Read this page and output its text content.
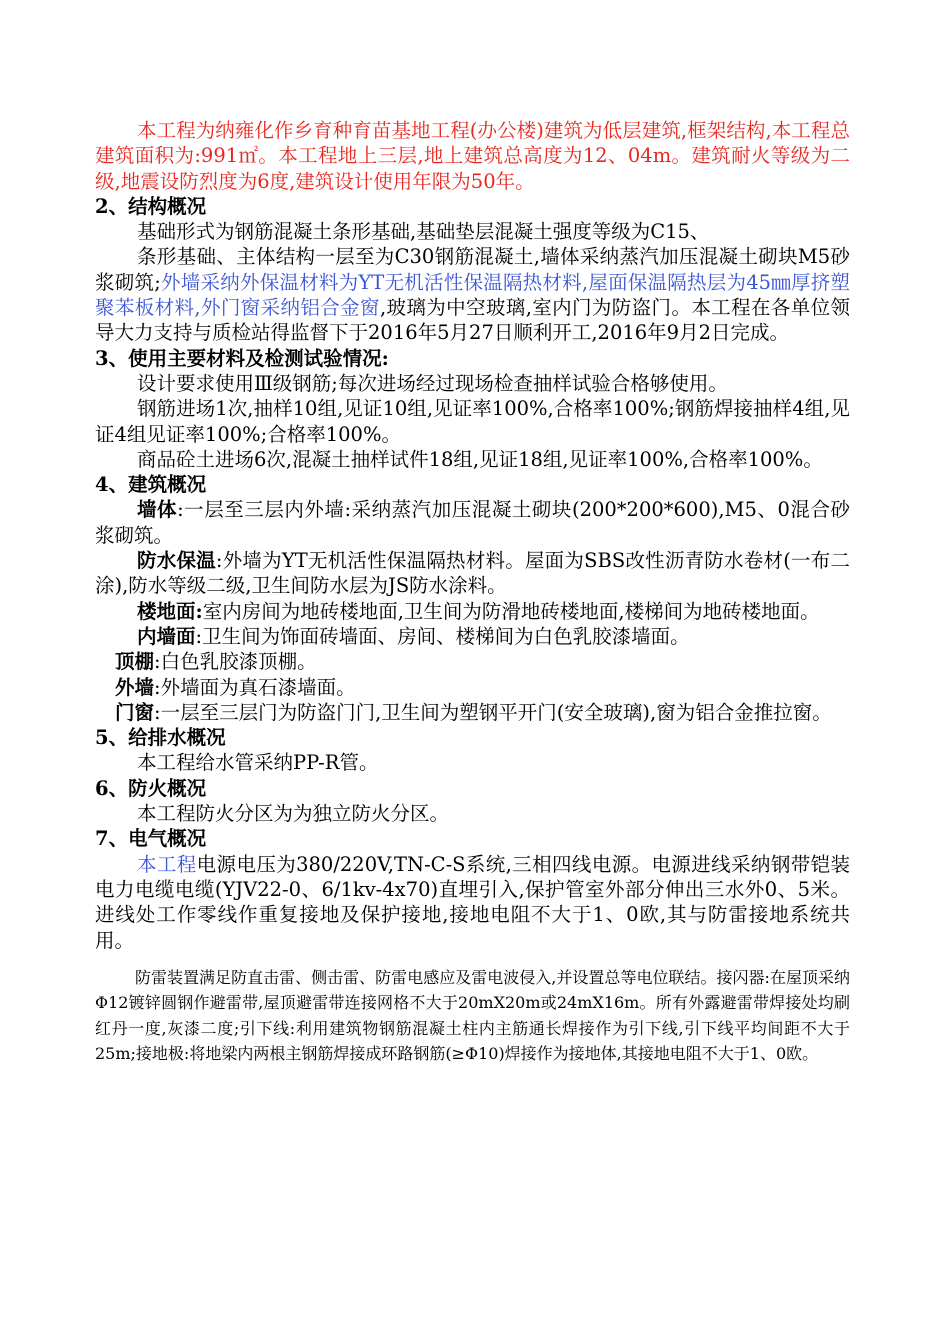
本工程为纳雍化作乡育种育苗基地工程(办公楼)建筑为低层建筑,框架结构,本工程总建筑面积为:991㎡。本工程地上三层,地上建筑总高度为12、04m。建筑耐火等级为二级,地震设防烈度为6度,建筑设计使用年限为50年。

2、结构概况

基础形式为钢筋混凝土条形基础,基础垫层混凝土强度等级为C15、

条形基础、主体结构一层至为C30钢筋混凝土,墙体采纳蒸汽加压混凝土砌块M5砂浆砌筑;外墙采纳外保温材料为YT无机活性保温隔热材料,屋面保温隔热层为45㎜厚挤塑聚苯板材料,外门窗采纳铝合金窗,玻璃为中空玻璃,室内门为防盗门。本工程在各单位领导大力支持与质检站得监督下于2016年5月27日顺利开工,2016年9月2日完成。

3、使用主要材料及检测试验情况:

设计要求使用Ⅲ级钢筋;每次进场经过现场检查抽样试验合格够使用。

钢筋进场1次,抽样10组,见证10组,见证率100%,合格率100%;钢筋焊接抽样4组,见证4组见证率100%;合格率100%。

商品砼土进场6次,混凝土抽样试件18组,见证18组,见证率100%,合格率100%。

4、建筑概况

墙体:一层至三层内外墙:采纳蒸汽加压混凝土砌块(200*200*600),M5、0混合砂浆砌筑。

防水保温:外墙为YT无机活性保温隔热材料。屋面为SBS改性沥青防水卷材(一布二涂),防水等级二级,卫生间防水层为JS防水涂料。

楼地面:室内房间为地砖楼地面,卫生间为防滑地砖楼地面,楼梯间为地砖楼地面。

内墙面:卫生间为饰面砖墙面、房间、楼梯间为白色乳胶漆墙面。

顶棚:白色乳胶漆顶棚。

外墙:外墙面为真石漆墙面。

门窗:一层至三层门为防盗门门,卫生间为塑钢平开门(安全玻璃),窗为铝合金推拉窗。

5、给排水概况

本工程给水管采纳PP-R管。

6、防火概况

本工程防火分区为为独立防火分区。

7、电气概况

本工程电源电压为380/220V,TN-C-S系统,三相四线电源。电源进线采纳钢带铠装电力电缆电缆(YJV22-0、6/1kv-4x70)直埋引入,保护管室外部分伸出三水外0、5米。进线处工作零线作重复接地及保护接地,接地电阻不大于1、0欧,其与防雷接地系统共用。

防雷装置满足防直击雷、侧击雷、防雷电感应及雷电波侵入,并设置总等电位联结。接闪器:在屋顶采纳Φ12镀锌圆钢作避雷带,屋顶避雷带连接网格不大于20mX20m或24mX16m。所有外露避雷带焊接处均刷红丹一度,灰漆二度;引下线:利用建筑物钢筋混凝土柱内主筋通长焊接作为引下线,引下线平均间距不大于25m;接地极:将地梁内两根主钢筋焊接成环路钢筋(≥Φ10)焊接作为接地体,其接地电阻不大于1、0欧。
